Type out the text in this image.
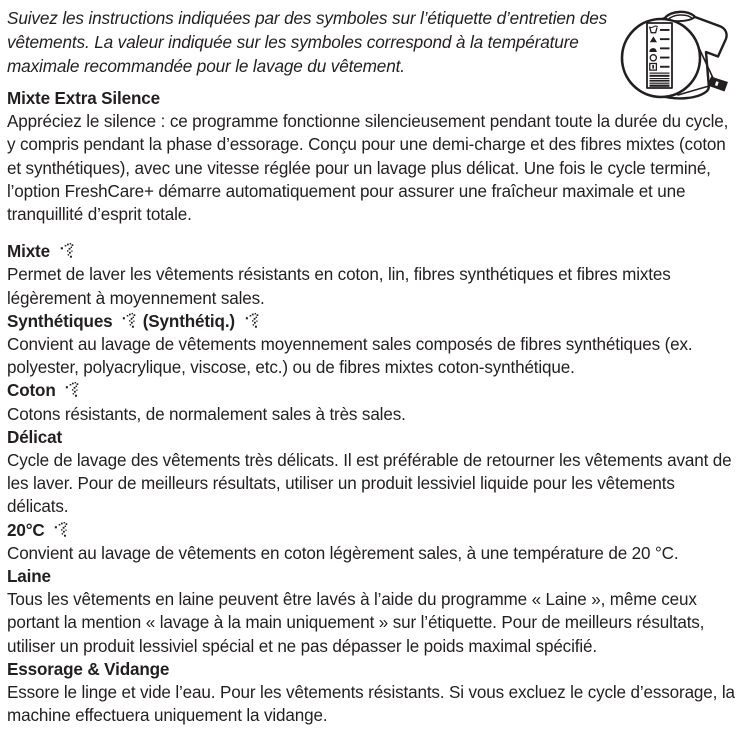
Suivez les instructions indiquées par des symboles sur l’étiquette d’entretien des vêtements. La valeur indiquée sur les symboles correspond à la température maximale recommandée pour le lavage du vêtement.

Mixte Extra Silence

Appréciez le silence : ce programme fonctionne silencieusement pendant toute la durée du cycle, y compris pendant la phase d’essorage. Conçu pour une demi-charge et des fibres mixtes (coton et synthétiques), avec une vitesse réglée pour un lavage plus délicat. Une fois le cycle terminé, l’option FreshCare+ démarre automatiquement pour assurer une fraîcheur maximale et une tranquillité d’esprit totale.

Mixte

Permet de laver les vêtements résistants en coton, lin, fibres synthétiques et fibres mixtes légèrement à moyennement sales.

Synthétiques (Synthétiq.)

Convient au lavage de vêtements moyennement sales composés de fibres synthétiques (ex. polyester, polyacrylique, viscose, etc.) ou de fibres mixtes coton-synthétique.

Coton

Cotons résistants, de normalement sales à très sales.

Délicat

Cycle de lavage des vêtements très délicats. Il est préférable de retourner les vêtements avant de les laver. Pour de meilleurs résultats, utiliser un produit lessiviel liquide pour les vêtements délicats.

20°C

Convient au lavage de vêtements en coton légèrement sales, à une température de 20 °C.

Laine

Tous les vêtements en laine peuvent être lavés à l’aide du programme « Laine », même ceux portant la mention « lavage à la main uniquement » sur l’étiquette. Pour de meilleurs résultats, utiliser un produit lessiviel spécial et ne pas dépasser le poids maximal spécifié.

Essorage & Vidange

Essore le linge et vide l’eau. Pour les vêtements résistants. Si vous excluez le cycle d’essorage, la machine effectuera uniquement la vidange.
